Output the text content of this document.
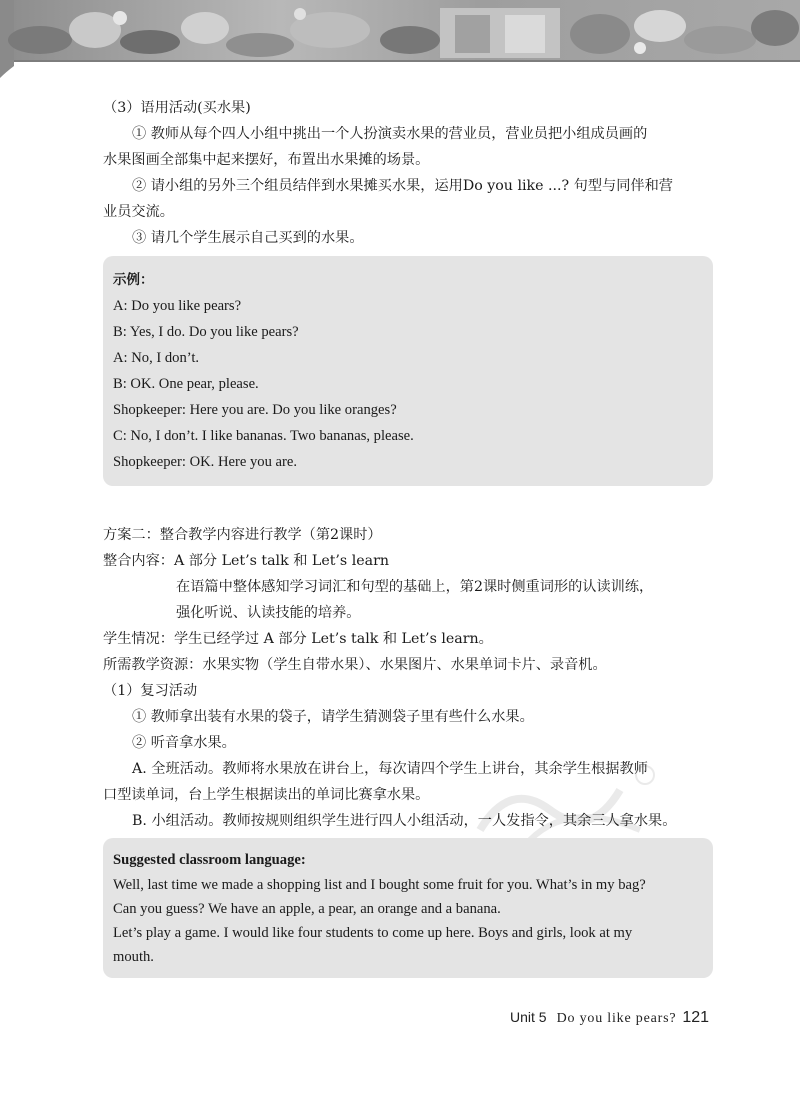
（3）语用活动(买水果)
① 教师从每个四人小组中挑出一个人扮演卖水果的营业员，营业员把小组成员画的
水果图画全部集中起来摆好，布置出水果摊的场景。
② 请小组的另外三个组员结伴到水果摊买水果，运用Do you like ...? 句型与同伴和营
业员交流。
③ 请几个学生展示自己买到的水果。
示例：
A: Do you like pears?
B: Yes, I do. Do you like pears?
A: No, I don’t.
B: OK. One pear, please.
Shopkeeper: Here you are. Do you like oranges?
C: No, I don’t. I like bananas. Two bananas, please.
Shopkeeper: OK. Here you are.
方案二：整合教学内容进行教学（第2课时）
整合内容：A 部分 Let’s talk 和 Let’s learn
在语篇中整体感知学习词汇和句型的基础上，第2课时侧重词形的认读训练，
强化听说、认读技能的培养。
学生情况：学生已经学过 A 部分 Let’s talk 和 Let’s learn。
所需教学资源：水果实物（学生自带水果）、水果图片、水果单词卡片、录音机。
（1）复习活动
① 教师拿出装有水果的袋子，请学生猜测袋子里有些什么水果。
② 听音拿水果。
A. 全班活动。教师将水果放在讲台上，每次请四个学生上讲台，其余学生根据教师
口型读单词，台上学生根据读出的单词比赛拿水果。
B. 小组活动。教师按规则组织学生进行四人小组活动，一人发指令，其余三人拿水果。
Suggested classroom language:
Well, last time we made a shopping list and I bought some fruit for you. What’s in my bag?
Can you guess? We have an apple, a pear, an orange and a banana.
Let’s play a game. I would like four students to come up here. Boys and girls, look at my
mouth.
Unit 5 Do you like pears? 121
